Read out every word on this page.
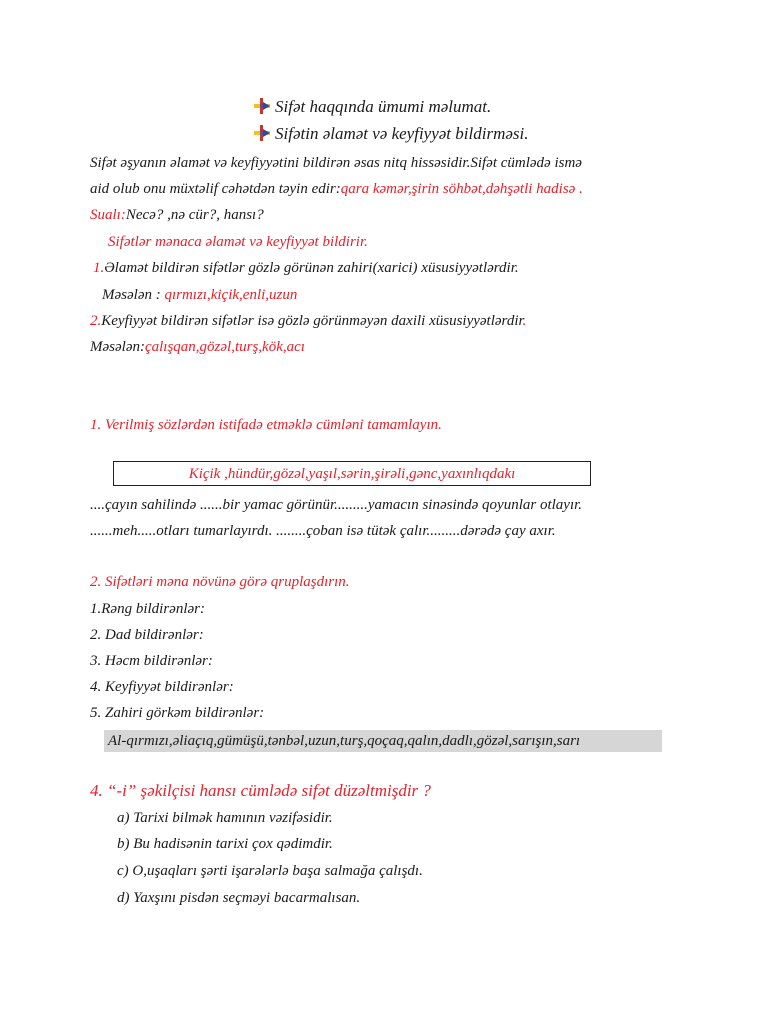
Sifət haqqında ümumi məlumat.
Sifətin əlamət və keyfiyyət bildirməsi.
Sifət əşyanın əlamət və keyfiyyətini bildirən əsas nitq hissəsidir.Sifət cümlədə ismə
aid olub onu müxtəlif cəhətdən təyin edir:qara kəmər,şirin söhbət,dəhşətli hadisə .
Sualı:Necə? ,nə cür?, hansı?
Sifətlər mənaca əlamət və keyfiyyət bildirir.
1.Əlamət bildirən sifətlər gözlə görünən zahiri(xarici) xüsusiyyətlərdir.
Məsələn : qırmızı,kiçik,enli,uzun
2.Keyfiyyət bildirən sifətlər isə gözlə görünməyən daxili xüsusiyyətlərdir.
Məsələn:çalışqan,gözəl,turş,kök,acı
1. Verilmiş sözlərdən istifadə etməklə cümləni tamamlayın.
Kiçik ,hündür,gözəl,yaşıl,sərin,şirəli,gənc,yaxınlıqdakı
....çayın sahilində ......bir yamac görünür.........yamacın sinəsində qoyunlar otlayır.
......meh.....otları tumarlayırdı. ........çoban isə tütək çalır.........dərədə çay axır.
2. Sifətləri məna növünə görə qruplaşdırın.
1.Rəng bildirənlər:
2. Dad bildirənlər:
3. Həcm bildirənlər:
4. Keyfiyyət bildirənlər:
5. Zahiri görkəm bildirənlər:
Al-qırmızı,əliaçıq,gümüşü,tənbəl,uzun,turş,qoçaq,qalın,dadlı,gözəl,sarışın,sarı
4. “-i” şəkilçisi hansı cümlədə sifət düzəltmişdir ?
a) Tarixi bilmək hamının vəzifəsidir.
b) Bu hadisənin tarixi çox qədimdir.
c) O,uşaqları şərti işarələrlə başa salmağa çalışdı.
d) Yaxşını pisdən seçməyi bacarmalısan.
